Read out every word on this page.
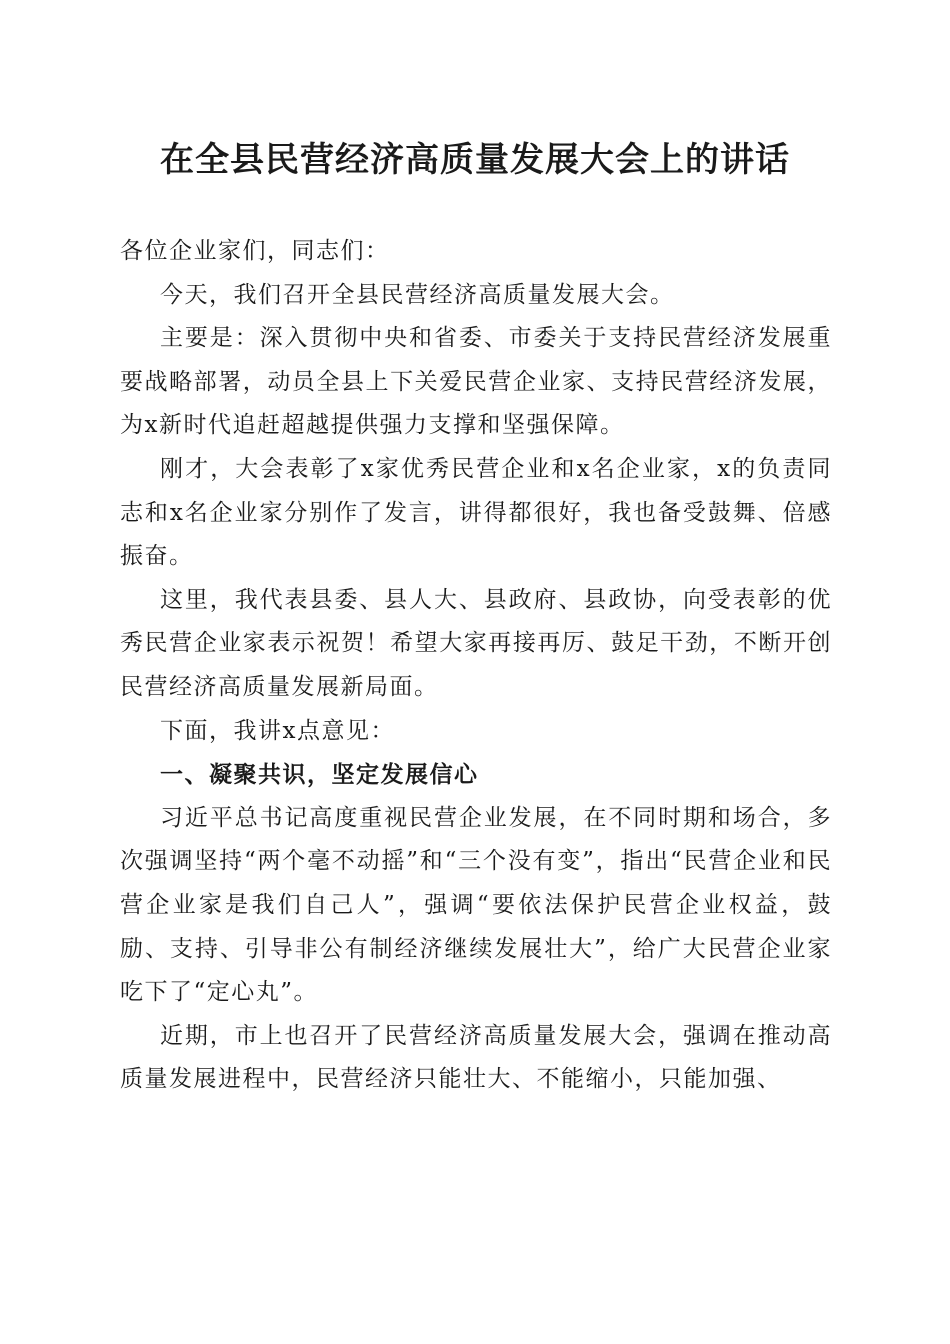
在全县民营经济高质量发展大会上的讲话

各位企业家们，同志们：

今天，我们召开全县民营经济高质量发展大会。

主要是：深入贯彻中央和省委、市委关于支持民营经济发展重要战略部署，动员全县上下关爱民营企业家、支持民营经济发展，为x新时代追赶超越提供强力支撑和坚强保障。

刚才，大会表彰了x家优秀民营企业和x名企业家，x的负责同志和x名企业家分别作了发言，讲得都很好，我也备受鼓舞、倍感振奋。

这里，我代表县委、县人大、县政府、县政协，向受表彰的优秀民营企业家表示祝贺！希望大家再接再厉、鼓足干劲，不断开创民营经济高质量发展新局面。

下面，我讲x点意见：

一、凝聚共识，坚定发展信心

习近平总书记高度重视民营企业发展，在不同时期和场合，多次强调坚持“两个毫不动摇”和“三个没有变”，指出“民营企业和民营企业家是我们自己人”，强调“要依法保护民营企业权益，鼓励、支持、引导非公有制经济继续发展壮大”，给广大民营企业家吃下了“定心丸”。

近期，市上也召开了民营经济高质量发展大会，强调在推动高质量发展进程中，民营经济只能壮大、不能缩小，只能加强、
